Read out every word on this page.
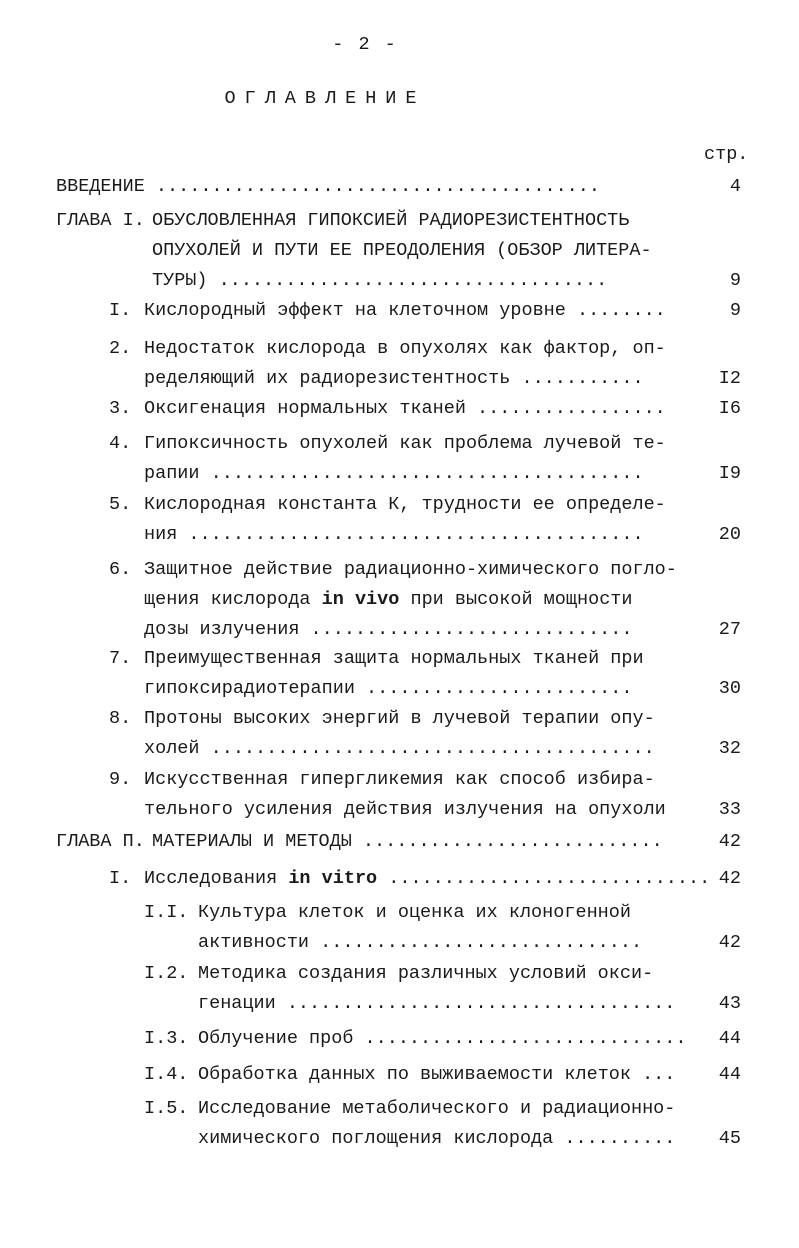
- 2 -
ОГЛАВЛЕНИЕ
стр.
ВВЕДЕНИЕ ........................................	4
ГЛАВА I. ОБУСЛОВЛЕННАЯ ГИПОКСИЕЙ РАДИОРЕЗИСТЕНТНОСТЬ
ОПУХОЛЕЙ И ПУТИ ЕЕ ПРЕОДОЛЕНИЯ (ОБЗОР ЛИТЕРА-
ТУРЫ) ...................................	9
I. Кислородный эффект на клеточном уровне ........	9
2. Недостаток кислорода в опухолях как фактор, оп-
ределяющий их радиорезистентность ...........	I2
3. Оксигенация нормальных тканей .................	I6
4. Гипоксичность опухолей как проблема лучевой те-
рапии .......................................	I9
5. Кислородная константа К, трудности ее определе-
ния .........................................	20
6. Защитное действие радиационно-химического погло-
щения кислорода in vivo при высокой мощности
дозы излучения .............................	27
7. Преимущественная защита нормальных тканей при
гипоксирадиотерапии ........................	30
8. Протоны высоких энергий в лучевой терапии опу-
холей ........................................	32
9. Искусственная гипергликемия как способ избира-
тельного усиления действия излучения на опухоли	33
ГЛАВА П. МАТЕРИАЛЫ И МЕТОДЫ ...........................	42
I. Исследования in vitro ............................. 42
I.I. Культура клеток и оценка их клоногенной
активности .............................	42
I.2. Методика создания различных условий окси-
генации ................................... 43
I.3. Облучение проб ............................. 44
I.4. Обработка данных по выживаемости клеток ... 44
I.5. Исследование метаболического и радиационно-
химического поглощения кислорода .......... 45
